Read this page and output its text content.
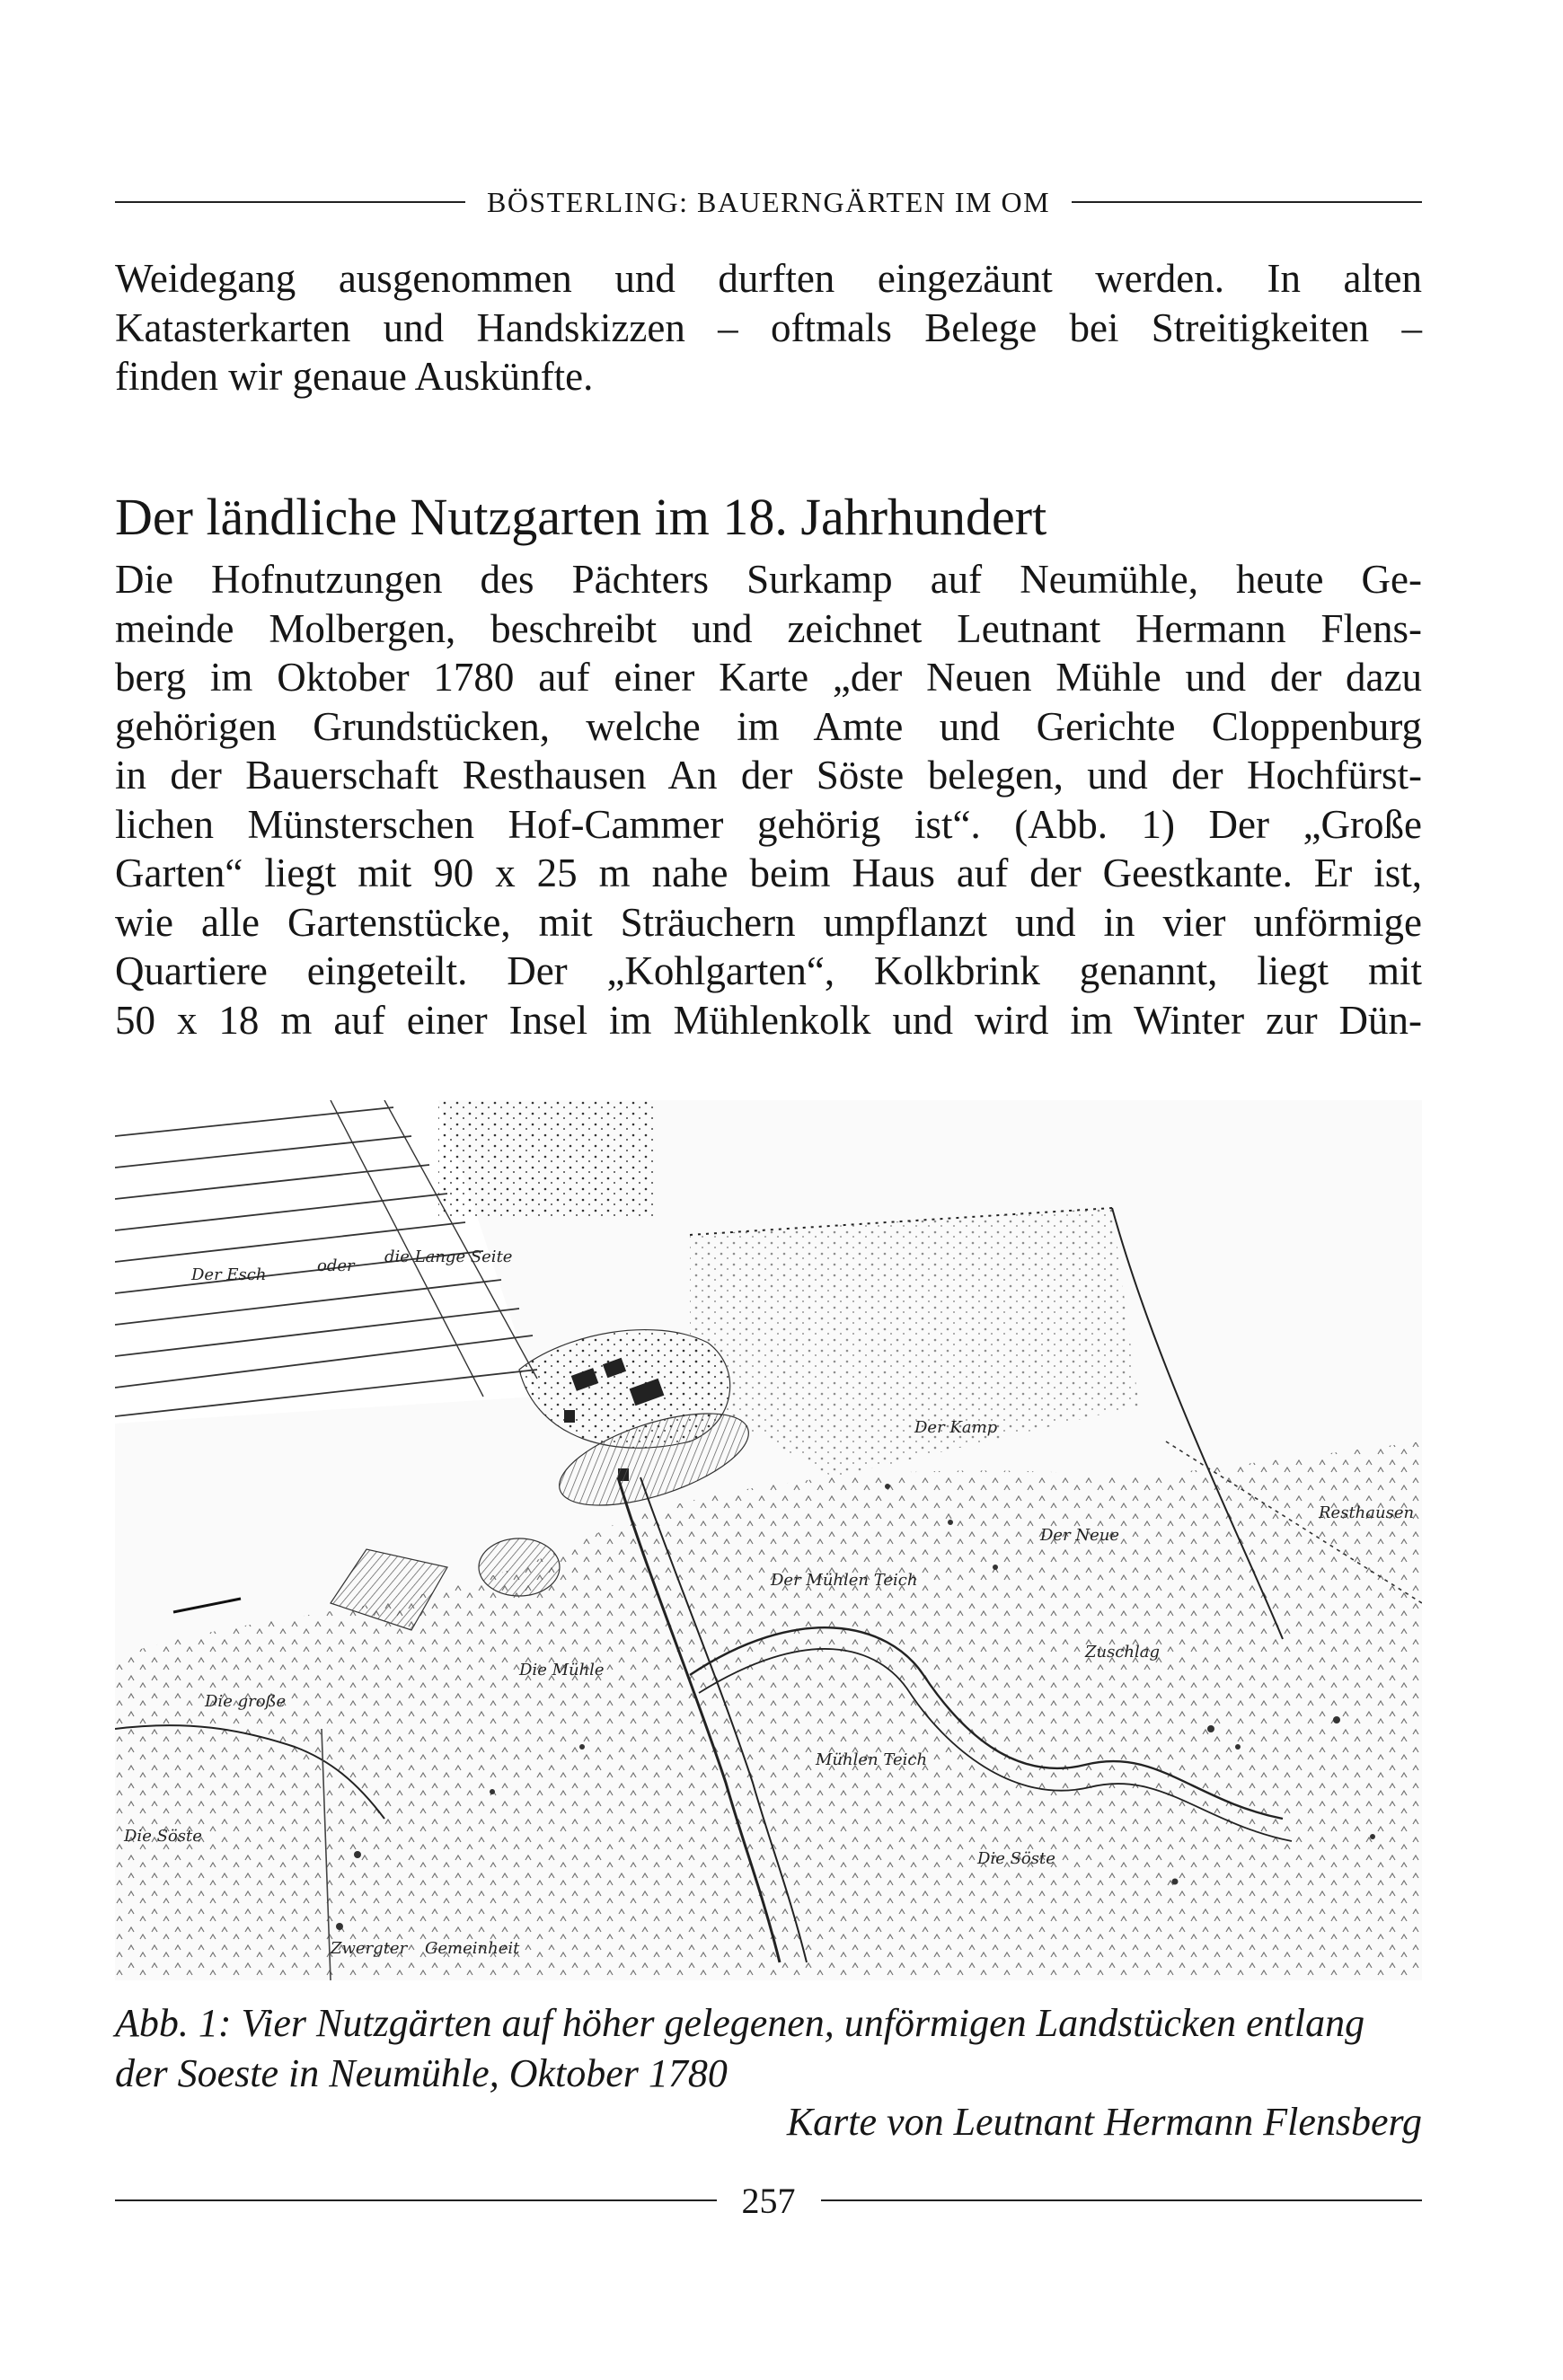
BÖSTERLING: BAUERNGÄRTEN IM OM

Weidegang ausgenommen und durften eingezäunt werden. In alten
Katasterkarten und Handskizzen – oftmals Belege bei Streitigkeiten –
finden wir genaue Auskünfte.

Der ländliche Nutzgarten im 18. Jahrhundert

Die Hofnutzungen des Pächters Surkamp auf Neumühle, heute Ge-
meinde Molbergen, beschreibt und zeichnet Leutnant Hermann Flens-
berg im Oktober 1780 auf einer Karte „der Neuen Mühle und der dazu
gehörigen Grundstücken, welche im Amte und Gerichte Cloppenburg
in der Bauerschaft Resthausen An der Söste belegen, und der Hochfürst-
lichen Münsterschen Hof-Cammer gehörig ist“. (Abb. 1) Der „Große
Garten“ liegt mit 90 x 25 m nahe beim Haus auf der Geestkante. Er ist,
wie alle Gartenstücke, mit Sträuchern umpflanzt und in vier unförmige
Quartiere eingeteilt. Der „Kohlgarten“, Kolkbrink genannt, liegt mit
50 x 18 m auf einer Insel im Mühlenkolk und wird im Winter zur Dün-

Der Esch	oder die Lange Seite
Der Kamp
Resthausen
Der Neue
Der Mühlen Teich
Zuschlag
Die große
Die Mühle
Mühlen Teich
Die Söste
Zwergter Gemeinheit
Die Söste

Abb. 1: Vier Nutzgärten auf höher gelegenen, unförmigen Landstücken entlang der Soeste in Neumühle, Oktober 1780

Karte von Leutnant Hermann Flensberg

257
